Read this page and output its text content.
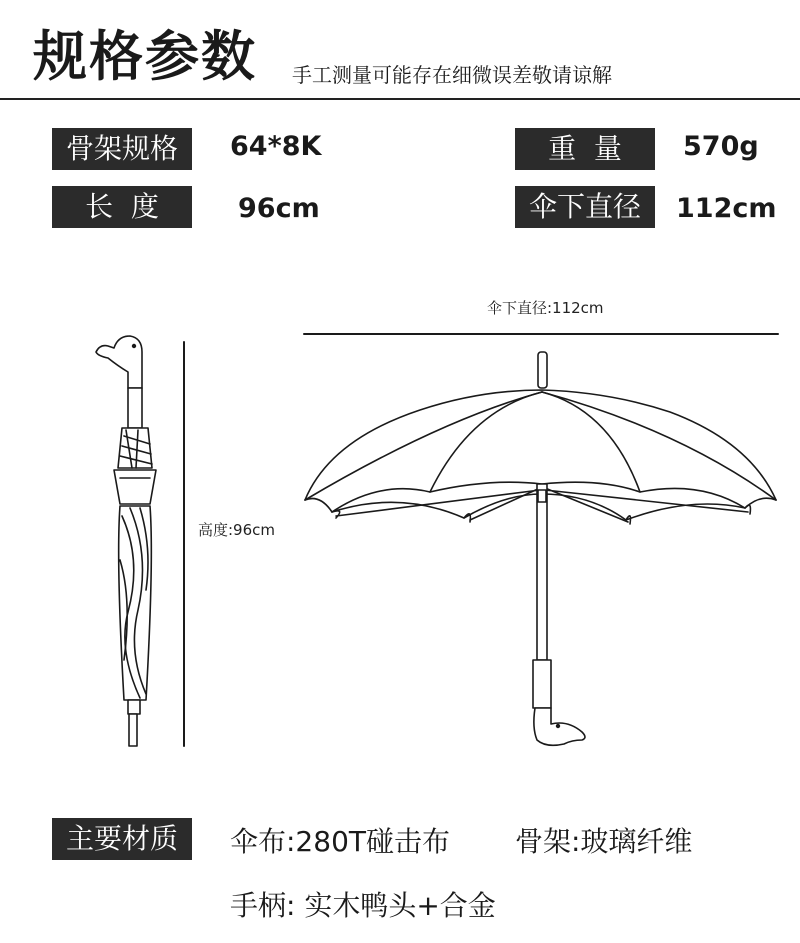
规格参数 手工测量可能存在细微误差敬请谅解
骨架规格	64*8K	重  量	570g
长  度	96cm	伞下直径	112cm
伞下直径:112cm
高度:96cm
主要材质	伞布:280T碰击布 骨架:玻璃纤维
手柄: 实木鸭头+合金
